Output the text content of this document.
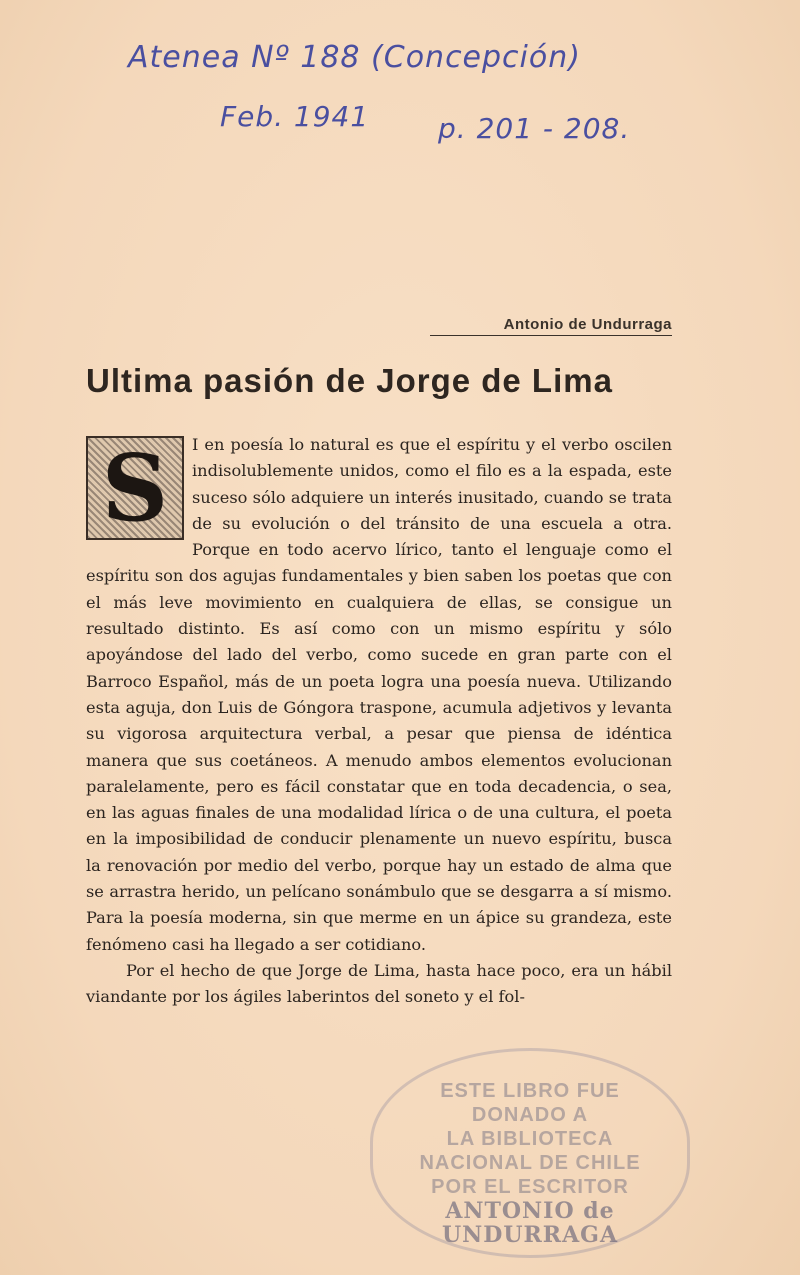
Atenea Nº 188 (Concepción)
Feb. 1941 p. 201 - 208.
Antonio de Undurraga
Ultima pasión de Jorge de Lima
S	I en poesía lo natural es que el espíritu y el verbo oscilen indisolublemente unidos, como el filo es a la espada, este suceso sólo adquiere un interés inusitado, cuando se trata de su evolución o del tránsito de una escuela a otra. Porque en todo acervo lírico, tanto el lenguaje como el espíritu son dos agujas fundamentales y bien saben los poetas que con el más leve movimiento en cualquiera de ellas, se consigue un resultado distinto. Es así como con un mismo espíritu y sólo apoyándose del lado del verbo, como sucede en gran parte con el Barroco Español, más de un poeta logra una poesía nueva. Utilizando esta aguja, don Luis de Góngora traspone, acumula adjetivos y levanta su vigorosa arquitectura verbal, a pesar que piensa de idéntica manera que sus coetáneos. A menudo ambos elementos evolucionan paralelamente, pero es fácil constatar que en toda decadencia, o sea, en las aguas finales de una modalidad lírica o de una cultura, el poeta en la imposibilidad de conducir plenamente un nuevo espíritu, busca la renovación por medio del verbo, porque hay un estado de alma que se arrastra herido, un pelícano sonámbulo que se desgarra a sí mismo. Para la poesía moderna, sin que merme en un ápice su grandeza, este fenómeno casi ha llegado a ser cotidiano.

Por el hecho de que Jorge de Lima, hasta hace poco, era un hábil viandante por los ágiles laberintos del soneto y el fol-

ESTE LIBRO FUE
DONADO A
LA BIBLIOTECA
NACIONAL DE CHILE
POR EL ESCRITOR
ANTONIO de UNDURRAGA
